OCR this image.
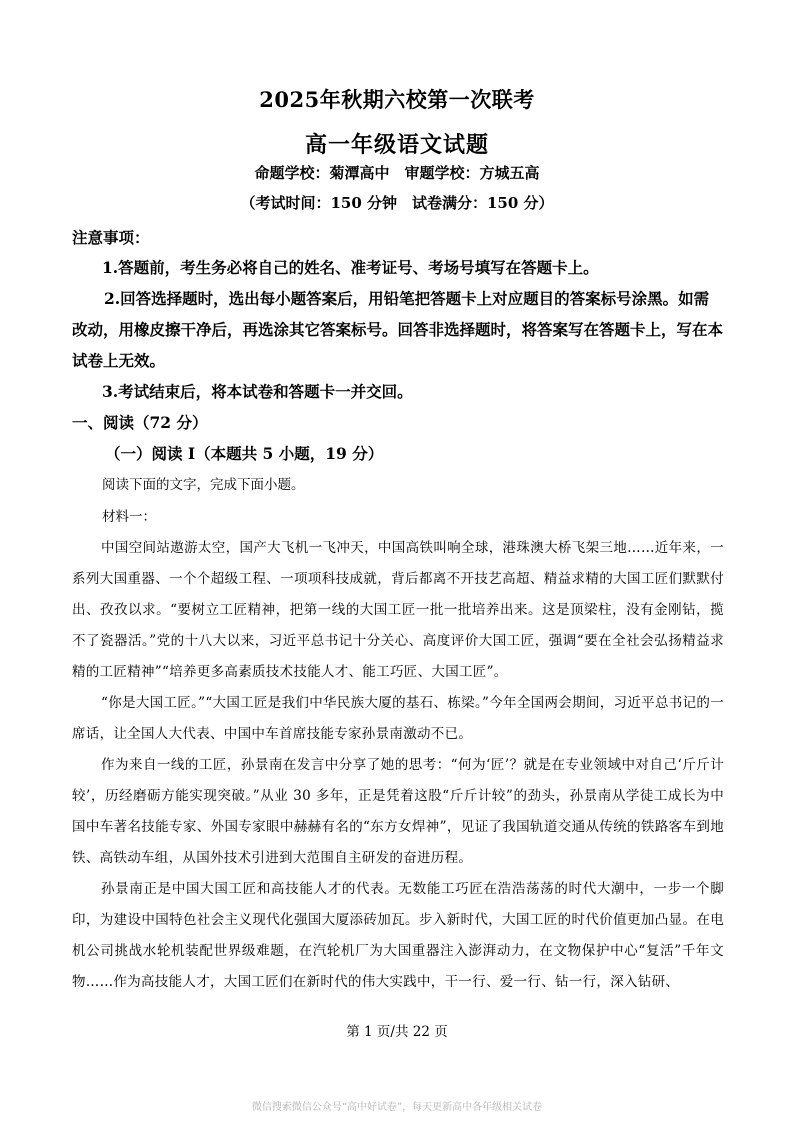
2025年秋期六校第一次联考
高一年级语文试题
命题学校：菊潭高中　审题学校：方城五高
（考试时间：150 分钟　试卷满分：150 分）
注意事项：
1.答题前，考生务必将自己的姓名、准考证号、考场号填写在答题卡上。
2.回答选择题时，选出每小题答案后，用铅笔把答题卡上对应题目的答案标号涂黑。如需改动，用橡皮擦干净后，再选涂其它答案标号。回答非选择题时，将答案写在答题卡上，写在本试卷上无效。
3.考试结束后，将本试卷和答题卡一并交回。
一、阅读（72 分）
（一）阅读 I（本题共 5 小题，19 分）
阅读下面的文字，完成下面小题。
材料一：
中国空间站遨游太空，国产大飞机一飞冲天，中国高铁叫响全球，港珠澳大桥飞架三地……近年来，一系列大国重器、一个个超级工程、一项项科技成就，背后都离不开技艺高超、精益求精的大国工匠们默默付出、孜孜以求。“要树立工匠精神，把第一线的大国工匠一批一批培养出来。这是顶梁柱，没有金刚钻，揽不了瓷器活。”党的十八大以来，习近平总书记十分关心、高度评价大国工匠，强调“要在全社会弘扬精益求精的工匠精神”“培养更多高素质技术技能人才、能工巧匠、大国工匠”。
“你是大国工匠。”“大国工匠是我们中华民族大厦的基石、栋梁。”今年全国两会期间，习近平总书记的一席话，让全国人大代表、中国中车首席技能专家孙景南激动不已。
作为来自一线的工匠，孙景南在发言中分享了她的思考：“何为‘匠’？就是在专业领域中对自己‘斤斤计较’，历经磨砺方能实现突破。”从业 30 多年，正是凭着这股“斤斤计较”的劲头，孙景南从学徒工成长为中国中车著名技能专家、外国专家眼中赫赫有名的“东方女焊神”，见证了我国轨道交通从传统的铁路客车到地铁、高铁动车组，从国外技术引进到大范围自主研发的奋进历程。
孙景南正是中国大国工匠和高技能人才的代表。无数能工巧匠在浩浩荡荡的时代大潮中，一步一个脚印，为建设中国特色社会主义现代化强国大厦添砖加瓦。步入新时代，大国工匠的时代价值更加凸显。在电机公司挑战水轮机装配世界级难题，在汽轮机厂为大国重器注入澎湃动力，在文物保护中心“复活”千年文物……作为高技能人才，大国工匠们在新时代的伟大实践中，干一行、爱一行、钻一行，深入钻研、
第 1 页/共 22 页
微信搜索微信公众号“高中好试卷”，每天更新高中各年级相关试卷
